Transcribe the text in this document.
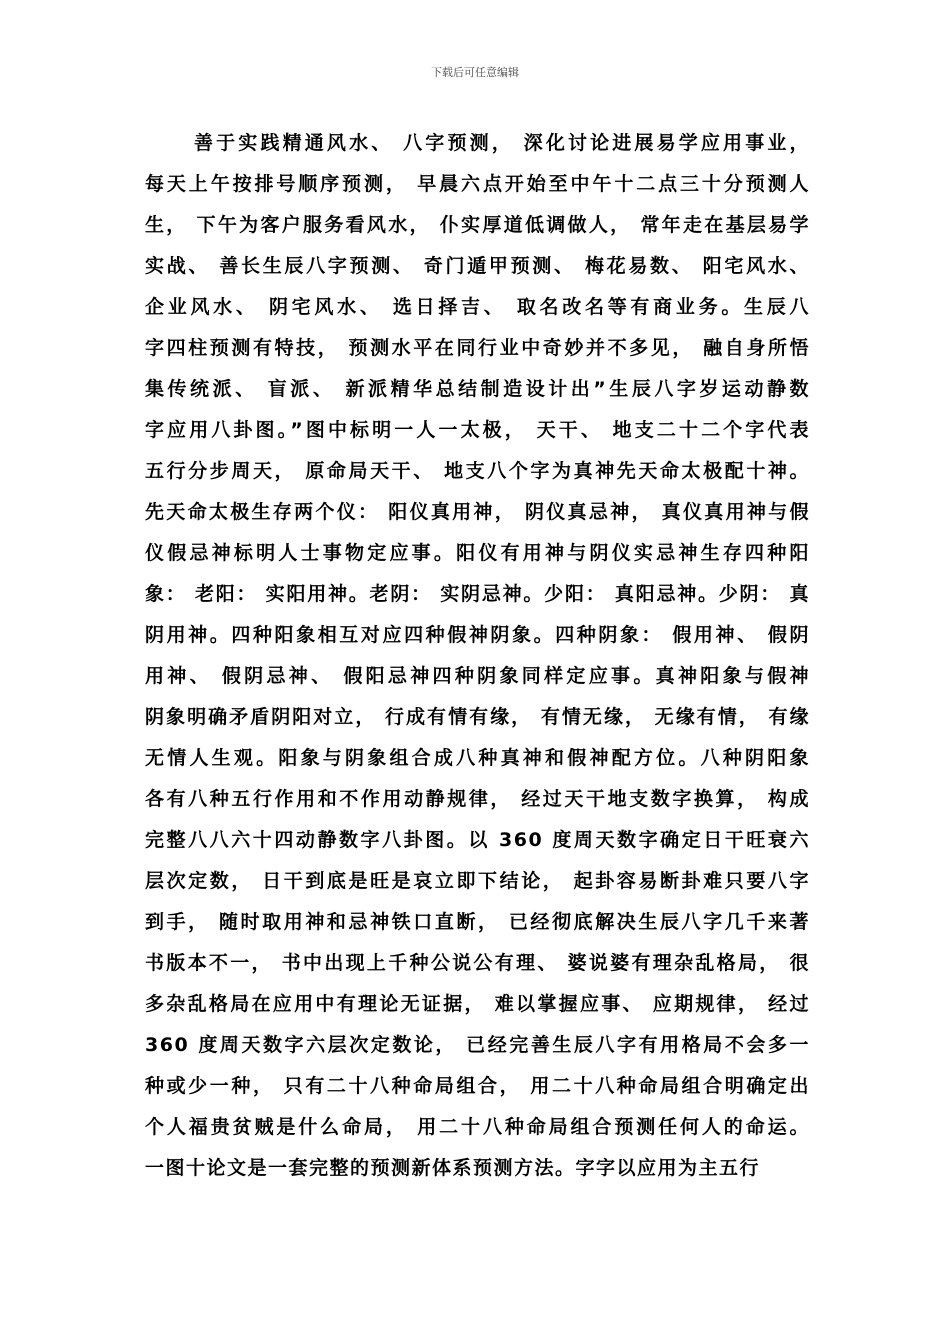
下载后可任意编辑
善于实践精通风水、 八字预测， 深化讨论进展易学应用事业，
每天上午按排号顺序预测， 早晨六点开始至中午十二点三十分预测人
生， 下午为客户服务看风水， 仆实厚道低调做人， 常年走在基层易学
实战、 善长生辰八字预测、 奇门遁甲预测、 梅花易数、 阳宅风水、
企业风水、 阴宅风水、 选日择吉、 取名改名等有商业务。生辰八
字四柱预测有特技， 预测水平在同行业中奇妙并不多见， 融自身所悟
集传统派、 盲派、 新派精华总结制造设计出”生辰八字岁运动静数
字应用八卦图。”图中标明一人一太极， 天干、 地支二十二个字代表
五行分步周天， 原命局天干、 地支八个字为真神先天命太极配十神。
先天命太极生存两个仪： 阳仪真用神， 阴仪真忌神， 真仪真用神与假
仪假忌神标明人士事物定应事。阳仪有用神与阴仪实忌神生存四种阳
象： 老阳： 实阳用神。老阴： 实阴忌神。少阳： 真阳忌神。少阴： 真
阴用神。四种阳象相互对应四种假神阴象。四种阴象： 假用神、 假阴
用神、 假阴忌神、 假阳忌神四种阴象同样定应事。真神阳象与假神
阴象明确矛盾阴阳对立， 行成有情有缘， 有情无缘， 无缘有情， 有缘
无情人生观。阳象与阴象组合成八种真神和假神配方位。八种阴阳象
各有八种五行作用和不作用动静规律， 经过天干地支数字换算， 构成
完整八八六十四动静数字八卦图。以 360 度周天数字确定日干旺衰六
层次定数， 日干到底是旺是哀立即下结论， 起卦容易断卦难只要八字
到手， 随时取用神和忌神铁口直断， 已经彻底解决生辰八字几千来著
书版本不一， 书中出现上千种公说公有理、 婆说婆有理杂乱格局， 很
多杂乱格局在应用中有理论无证据， 难以掌握应事、 应期规律， 经过
360 度周天数字六层次定数论， 已经完善生辰八字有用格局不会多一
种或少一种， 只有二十八种命局组合， 用二十八种命局组合明确定出
个人福贵贫贼是什么命局， 用二十八种命局组合预测任何人的命运。
一图十论文是一套完整的预测新体系预测方法。字字以应用为主五行
